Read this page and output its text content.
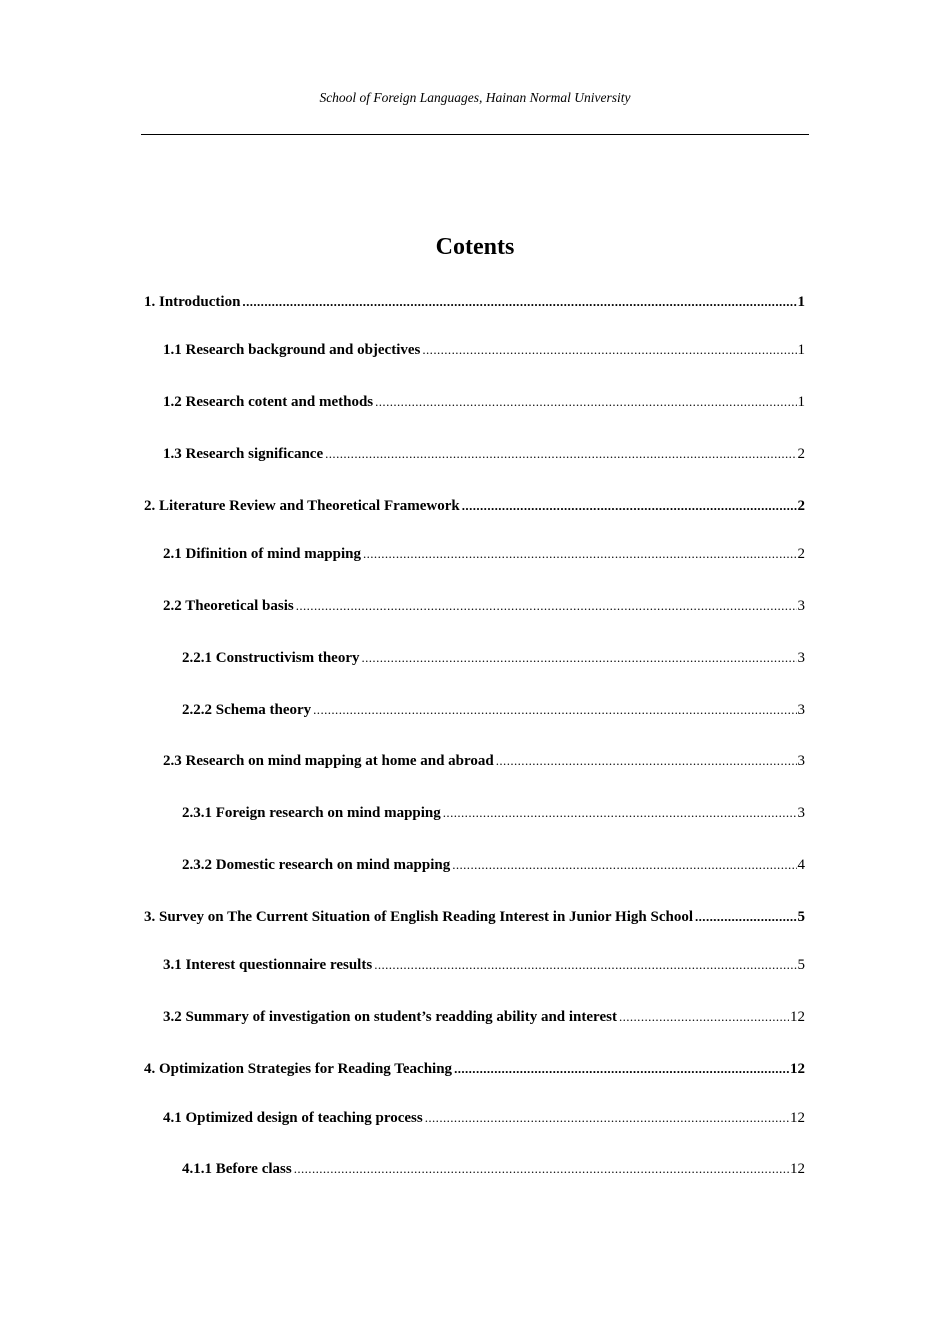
School of Foreign Languages, Hainan Normal University
Cotents
1. Introduction .....	1
1.1 Research background and objectives .....	1
1.2 Research cotent and methods .....	1
1.3 Research significance .....	2
2. Literature Review and Theoretical Framework .....	2
2.1 Difinition of mind mapping .....	2
2.2 Theoretical basis .....	3
2.2.1 Constructivism theory .....	3
2.2.2 Schema theory .....	3
2.3 Research on mind mapping at home and abroad .....	3
2.3.1 Foreign research on mind mapping .....	3
2.3.2 Domestic research on mind mapping .....	4
3. Survey on The Current Situation of English Reading Interest in Junior High School .....	5
3.1 Interest questionnaire results .....	5
3.2 Summary of investigation on student’s readding ability and interest .....	12
4. Optimization Strategies for Reading Teaching .....	12
4.1 Optimized design of teaching process .....	12
4.1.1 Before class .....	12
